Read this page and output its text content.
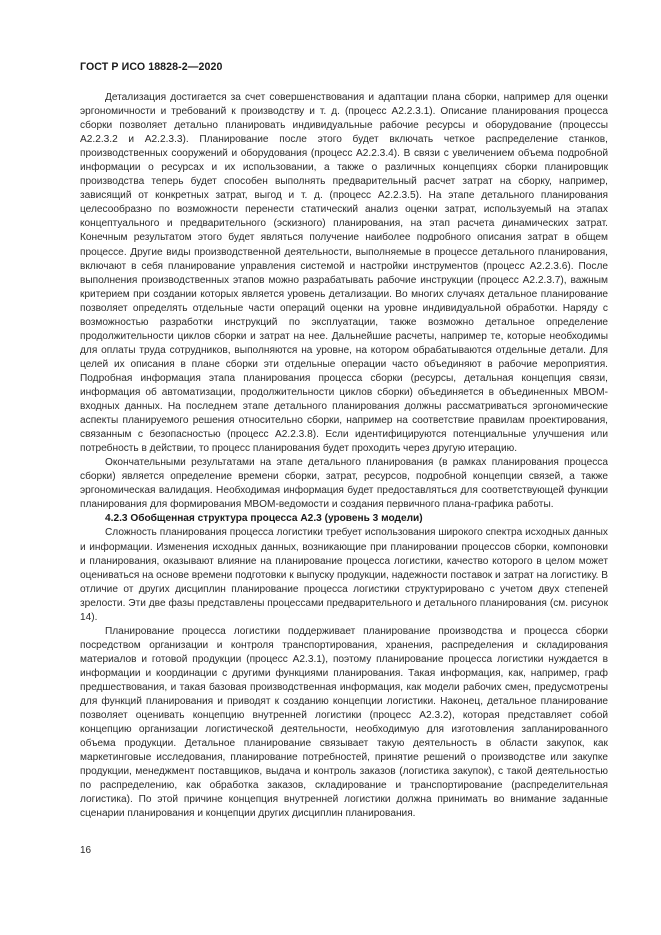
ГОСТ Р ИСО 18828-2—2020

Детализация достигается за счет совершенствования и адаптации плана сборки, например для оценки эргономичности и требований к производству и т. д. (процесс А2.2.3.1). Описание планирования процесса сборки позволяет детально планировать индивидуальные рабочие ресурсы и оборудование (процессы А2.2.3.2 и А2.2.3.3). Планирование после этого будет включать четкое распределение станков, производственных сооружений и оборудования (процесс А2.2.3.4). В связи с увеличением объема подробной информации о ресурсах и их использовании, а также о различных концепциях сборки планировщик производства теперь будет способен выполнять предварительный расчет затрат на сборку, например, зависящий от конкретных затрат, выгод и т. д. (процесс А2.2.3.5). На этапе детального планирования целесообразно по возможности перенести статический анализ оценки затрат, используемый на этапах концептуального и предварительного (эскизного) планирования, на этап расчета динамических затрат. Конечным результатом этого будет являться получение наиболее подробного описания затрат в общем процессе. Другие виды производственной деятельности, выполняемые в процессе детального планирования, включают в себя планирование управления системой и настройки инструментов (процесс А2.2.3.6). После выполнения производственных этапов можно разрабатывать рабочие инструкции (процесс А2.2.3.7), важным критерием при создании которых является уровень детализации. Во многих случаях детальное планирование позволяет определять отдельные части операций оценки на уровне индивидуальной обработки. Наряду с возможностью разработки инструкций по эксплуатации, также возможно детальное определение продолжительности циклов сборки и затрат на нее. Дальнейшие расчеты, например те, которые необходимы для оплаты труда сотрудников, выполняются на уровне, на котором обрабатываются отдельные детали. Для целей их описания в плане сборки эти отдельные операции часто объединяют в рабочие мероприятия. Подробная информация этапа планирования процесса сборки (ресурсы, детальная концепция связи, информация об автоматизации, продолжительности циклов сборки) объединяется в объединенных MBOM-входных данных. На последнем этапе детального планирования должны рассматриваться эргономические аспекты планируемого решения относительно сборки, например на соответствие правилам проектирования, связанным с безопасностью (процесс А2.2.3.8). Если идентифицируются потенциальные улучшения или потребность в действии, то процесс планирования будет проходить через другую итерацию.

Окончательными результатами на этапе детального планирования (в рамках планирования процесса сборки) является определение времени сборки, затрат, ресурсов, подробной концепции связей, а также эргономическая валидация. Необходимая информация будет предоставляться для соответствующей функции планирования для формирования MBOM-ведомости и создания первичного плана-графика работы.

4.2.3 Обобщенная структура процесса А2.3 (уровень 3 модели)

Сложность планирования процесса логистики требует использования широкого спектра исходных данных и информации. Изменения исходных данных, возникающие при планировании процессов сборки, компоновки и планирования, оказывают влияние на планирование процесса логистики, качество которого в целом может оцениваться на основе времени подготовки к выпуску продукции, надежности поставок и затрат на логистику. В отличие от других дисциплин планирование процесса логистики структурировано с учетом двух степеней зрелости. Эти две фазы представлены процессами предварительного и детального планирования (см. рисунок 14).

Планирование процесса логистики поддерживает планирование производства и процесса сборки посредством организации и контроля транспортирования, хранения, распределения и складирования материалов и готовой продукции (процесс А2.3.1), поэтому планирование процесса логистики нуждается в информации и координации с другими функциями планирования. Такая информация, как, например, граф предшествования, и такая базовая производственная информация, как модели рабочих смен, предусмотрены для функций планирования и приводят к созданию концепции логистики. Наконец, детальное планирование позволяет оценивать концепцию внутренней логистики (процесс А2.3.2), которая представляет собой концепцию организации логистической деятельности, необходимую для изготовления запланированного объема продукции. Детальное планирование связывает такую деятельность в области закупок, как маркетинговые исследования, планирование потребностей, принятие решений о производстве или закупке продукции, менеджмент поставщиков, выдача и контроль заказов (логистика закупок), с такой деятельностью по распределению, как обработка заказов, складирование и транспортирование (распределительная логистика). По этой причине концепция внутренней логистики должна принимать во внимание заданные сценарии планирования и концепции других дисциплин планирования.

16
